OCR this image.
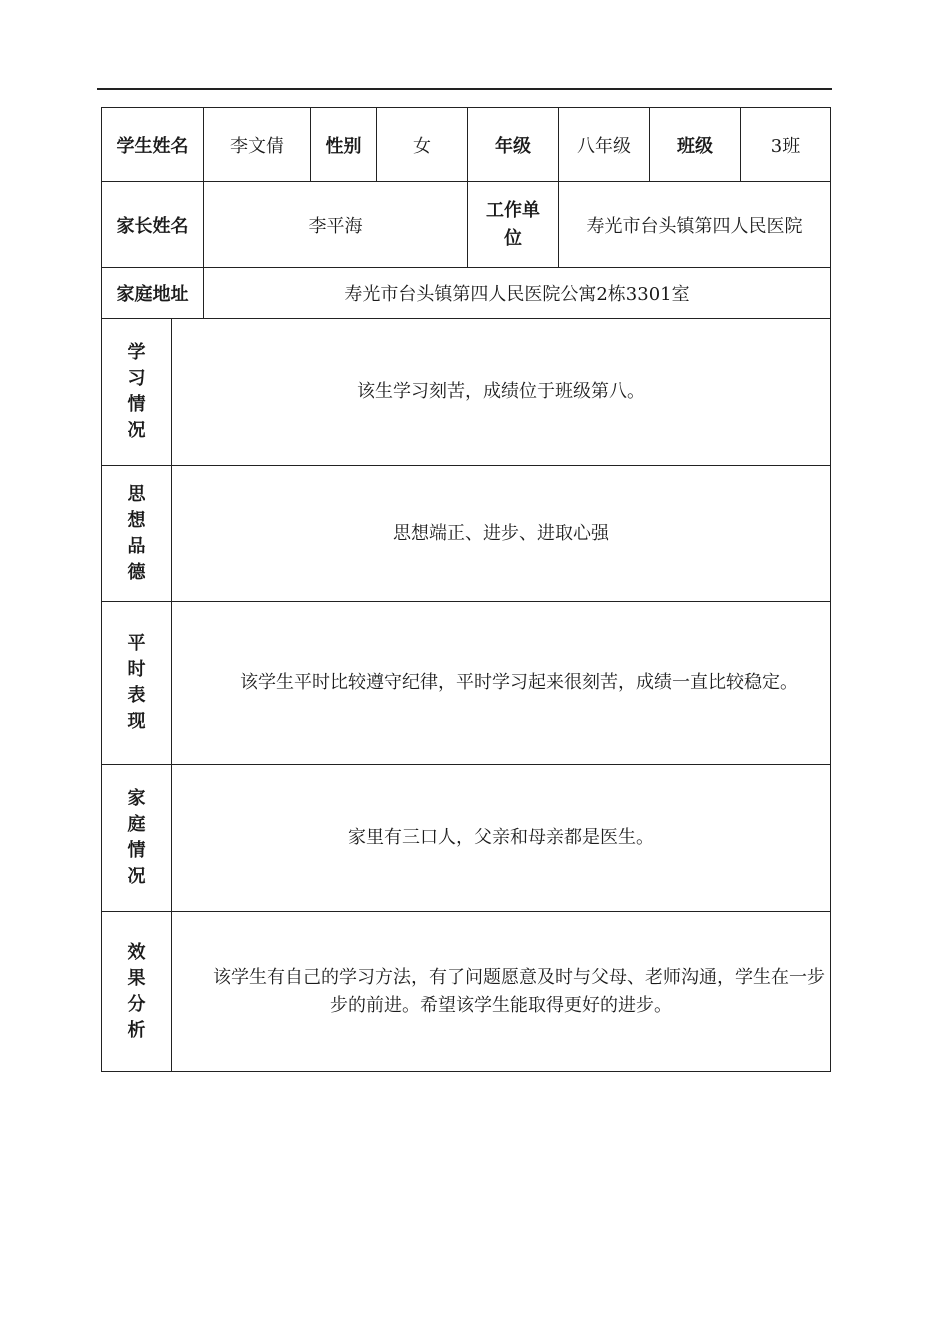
学生姓名		李文倩	性别	女	年级	八年级	班级	3班
家长姓名		李平海			工作单位	寿光市台头镇第四人民医院		
家庭地址		寿光市台头镇第四人民医院公寓2栋3301室						
学习情况	该生学习刻苦，成绩位于班级第八。							
思想品德	思想端正、进步、进取心强							
平时表现	该学生平时比较遵守纪律，平时学习起来很刻苦，成绩一直比较稳定。							
家庭情况	家里有三口人，父亲和母亲都是医生。							
效果分析	该学生有自己的学习方法，有了问题愿意及时与父母、老师沟通，学生在一步步的前进。希望该学生能取得更好的进步。							
